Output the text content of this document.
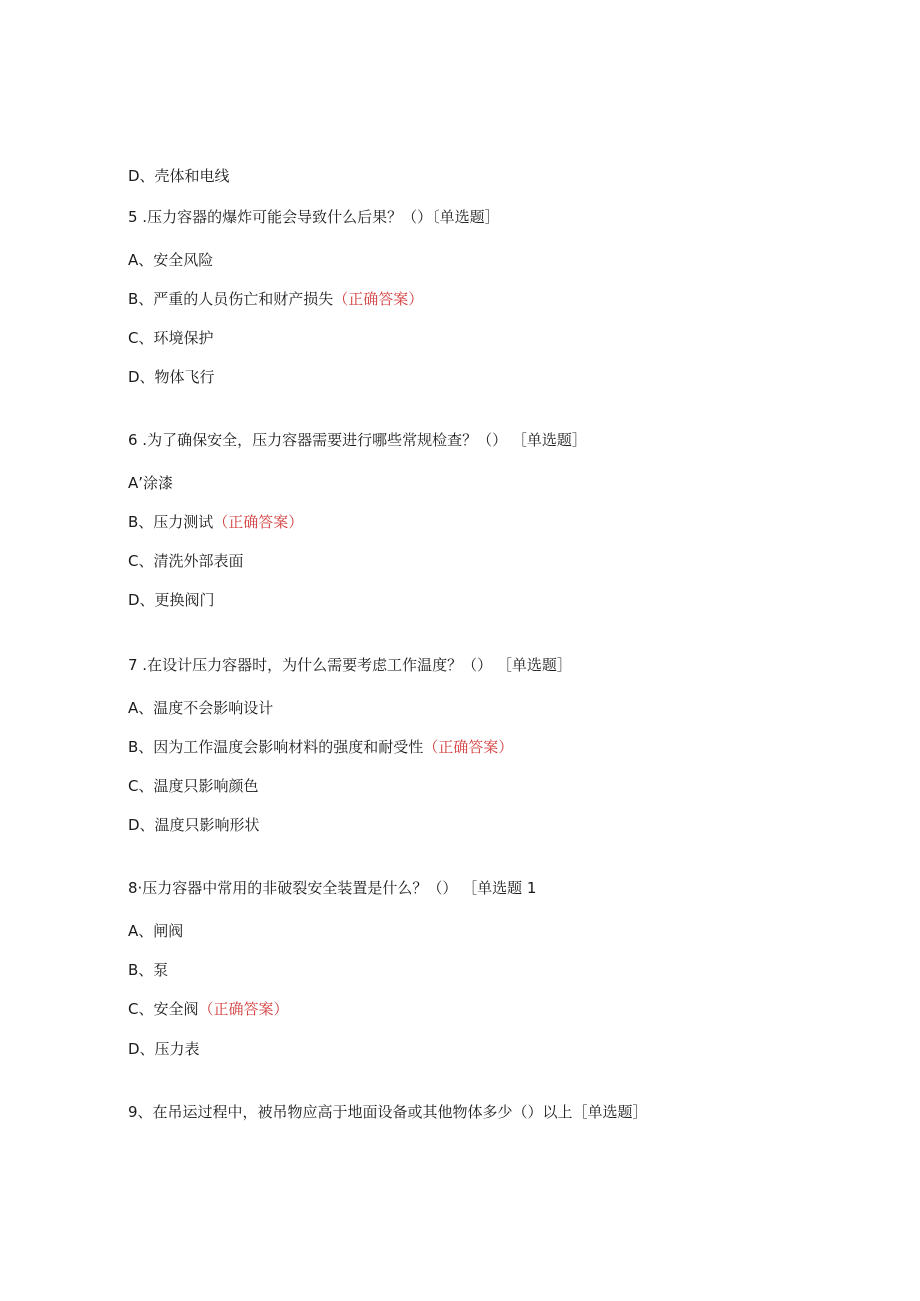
D、壳体和电线
5 .压力容器的爆炸可能会导致什么后果？（）〔单选题］
A、安全风险
B、严重的人员伤亡和财产损失（正确答案）
C、环境保护
D、物体飞行
6 .为了确保安全，压力容器需要进行哪些常规检查？（） ［单选题］
A’涂漆
B、压力测试（正确答案）
C、清洗外部表面
D、更换阀门
7 .在设计压力容器时，为什么需要考虑工作温度？（） ［单选题］
A、温度不会影响设计
B、因为工作温度会影响材料的强度和耐受性（正确答案）
C、温度只影响颜色
D、温度只影响形状
8·压力容器中常用的非破裂安全装置是什么？（） ［单选题 1
A、闸阀
B、泵
C、安全阀（正确答案）
D、压力表
9、在吊运过程中，被吊物应高于地面设备或其他物体多少（）以上［单选题］
